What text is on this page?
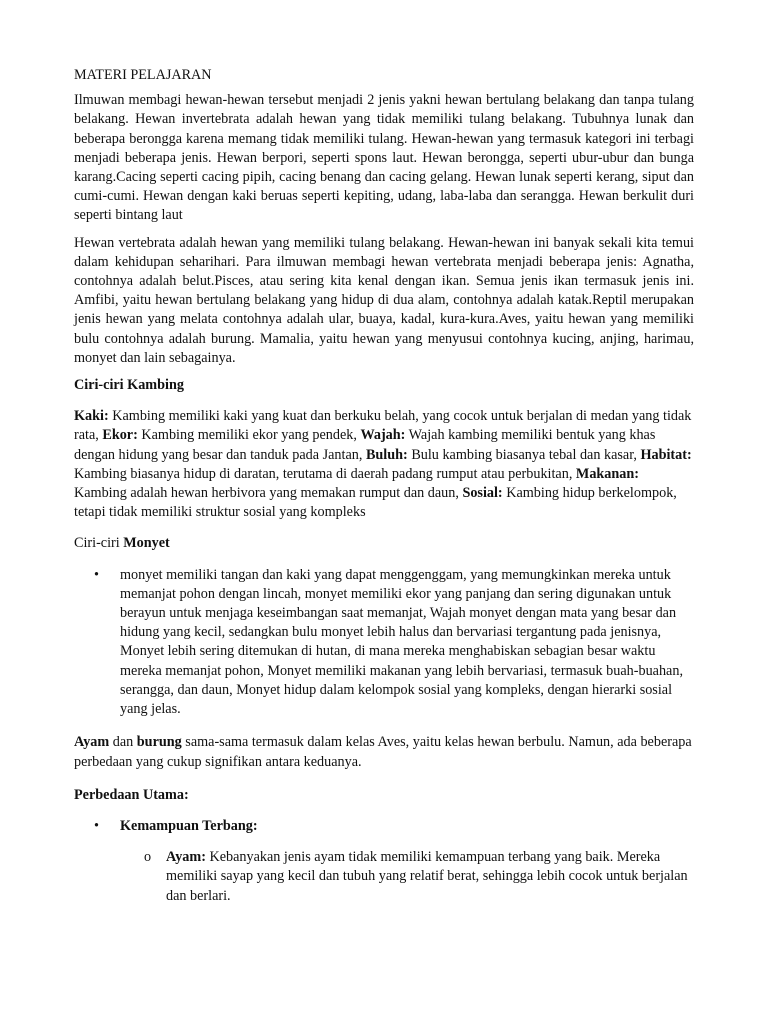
MATERI PELAJARAN

Ilmuwan membagi hewan-hewan tersebut menjadi 2 jenis yakni hewan bertulang belakang dan tanpa tulang belakang. Hewan invertebrata adalah hewan yang tidak memiliki tulang belakang. Tubuhnya lunak dan beberapa berongga karena memang tidak memiliki tulang. Hewan-hewan yang termasuk kategori ini terbagi menjadi beberapa jenis. Hewan berpori, seperti spons laut. Hewan berongga, seperti ubur-ubur dan bunga karang.Cacing seperti cacing pipih, cacing benang dan cacing gelang. Hewan lunak seperti kerang, siput dan cumi-cumi. Hewan dengan kaki beruas seperti kepiting, udang, laba-laba dan serangga. Hewan berkulit duri seperti bintang laut

Hewan vertebrata adalah hewan yang memiliki tulang belakang. Hewan-hewan ini banyak sekali kita temui dalam kehidupan seharihari. Para ilmuwan membagi hewan vertebrata menjadi beberapa jenis: Agnatha, contohnya adalah belut.Pisces, atau sering kita kenal dengan ikan. Semua jenis ikan termasuk jenis ini. Amfibi, yaitu hewan bertulang belakang yang hidup di dua alam, contohnya adalah katak.Reptil merupakan jenis hewan yang melata contohnya adalah ular, buaya, kadal, kura-kura.Aves, yaitu hewan yang memiliki bulu contohnya adalah burung. Mamalia, yaitu hewan yang menyusui contohnya kucing, anjing, harimau, monyet dan lain sebagainya.

Ciri-ciri Kambing

Kaki: Kambing memiliki kaki yang kuat dan berkuku belah, yang cocok untuk berjalan di medan yang tidak rata, Ekor: Kambing memiliki ekor yang pendek, Wajah: Wajah kambing memiliki bentuk yang khas dengan hidung yang besar dan tanduk pada Jantan, Buluh: Bulu kambing biasanya tebal dan kasar, Habitat: Kambing biasanya hidup di daratan, terutama di daerah padang rumput atau perbukitan, Makanan: Kambing adalah hewan herbivora yang memakan rumput dan daun, Sosial: Kambing hidup berkelompok, tetapi tidak memiliki struktur sosial yang kompleks

Ciri-ciri Monyet

• monyet memiliki tangan dan kaki yang dapat menggenggam, yang memungkinkan mereka untuk memanjat pohon dengan lincah, monyet memiliki ekor yang panjang dan sering digunakan untuk berayun untuk menjaga keseimbangan saat memanjat, Wajah monyet dengan mata yang besar dan hidung yang kecil, sedangkan bulu monyet lebih halus dan bervariasi tergantung pada jenisnya, Monyet lebih sering ditemukan di hutan, di mana mereka menghabiskan sebagian besar waktu mereka memanjat pohon, Monyet memiliki makanan yang lebih bervariasi, termasuk buah-buahan, serangga, dan daun, Monyet hidup dalam kelompok sosial yang kompleks, dengan hierarki sosial yang jelas.

Ayam dan burung sama-sama termasuk dalam kelas Aves, yaitu kelas hewan berbulu. Namun, ada beberapa perbedaan yang cukup signifikan antara keduanya.

Perbedaan Utama:

• Kemampuan Terbang:
o Ayam: Kebanyakan jenis ayam tidak memiliki kemampuan terbang yang baik. Mereka memiliki sayap yang kecil dan tubuh yang relatif berat, sehingga lebih cocok untuk berjalan dan berlari.
